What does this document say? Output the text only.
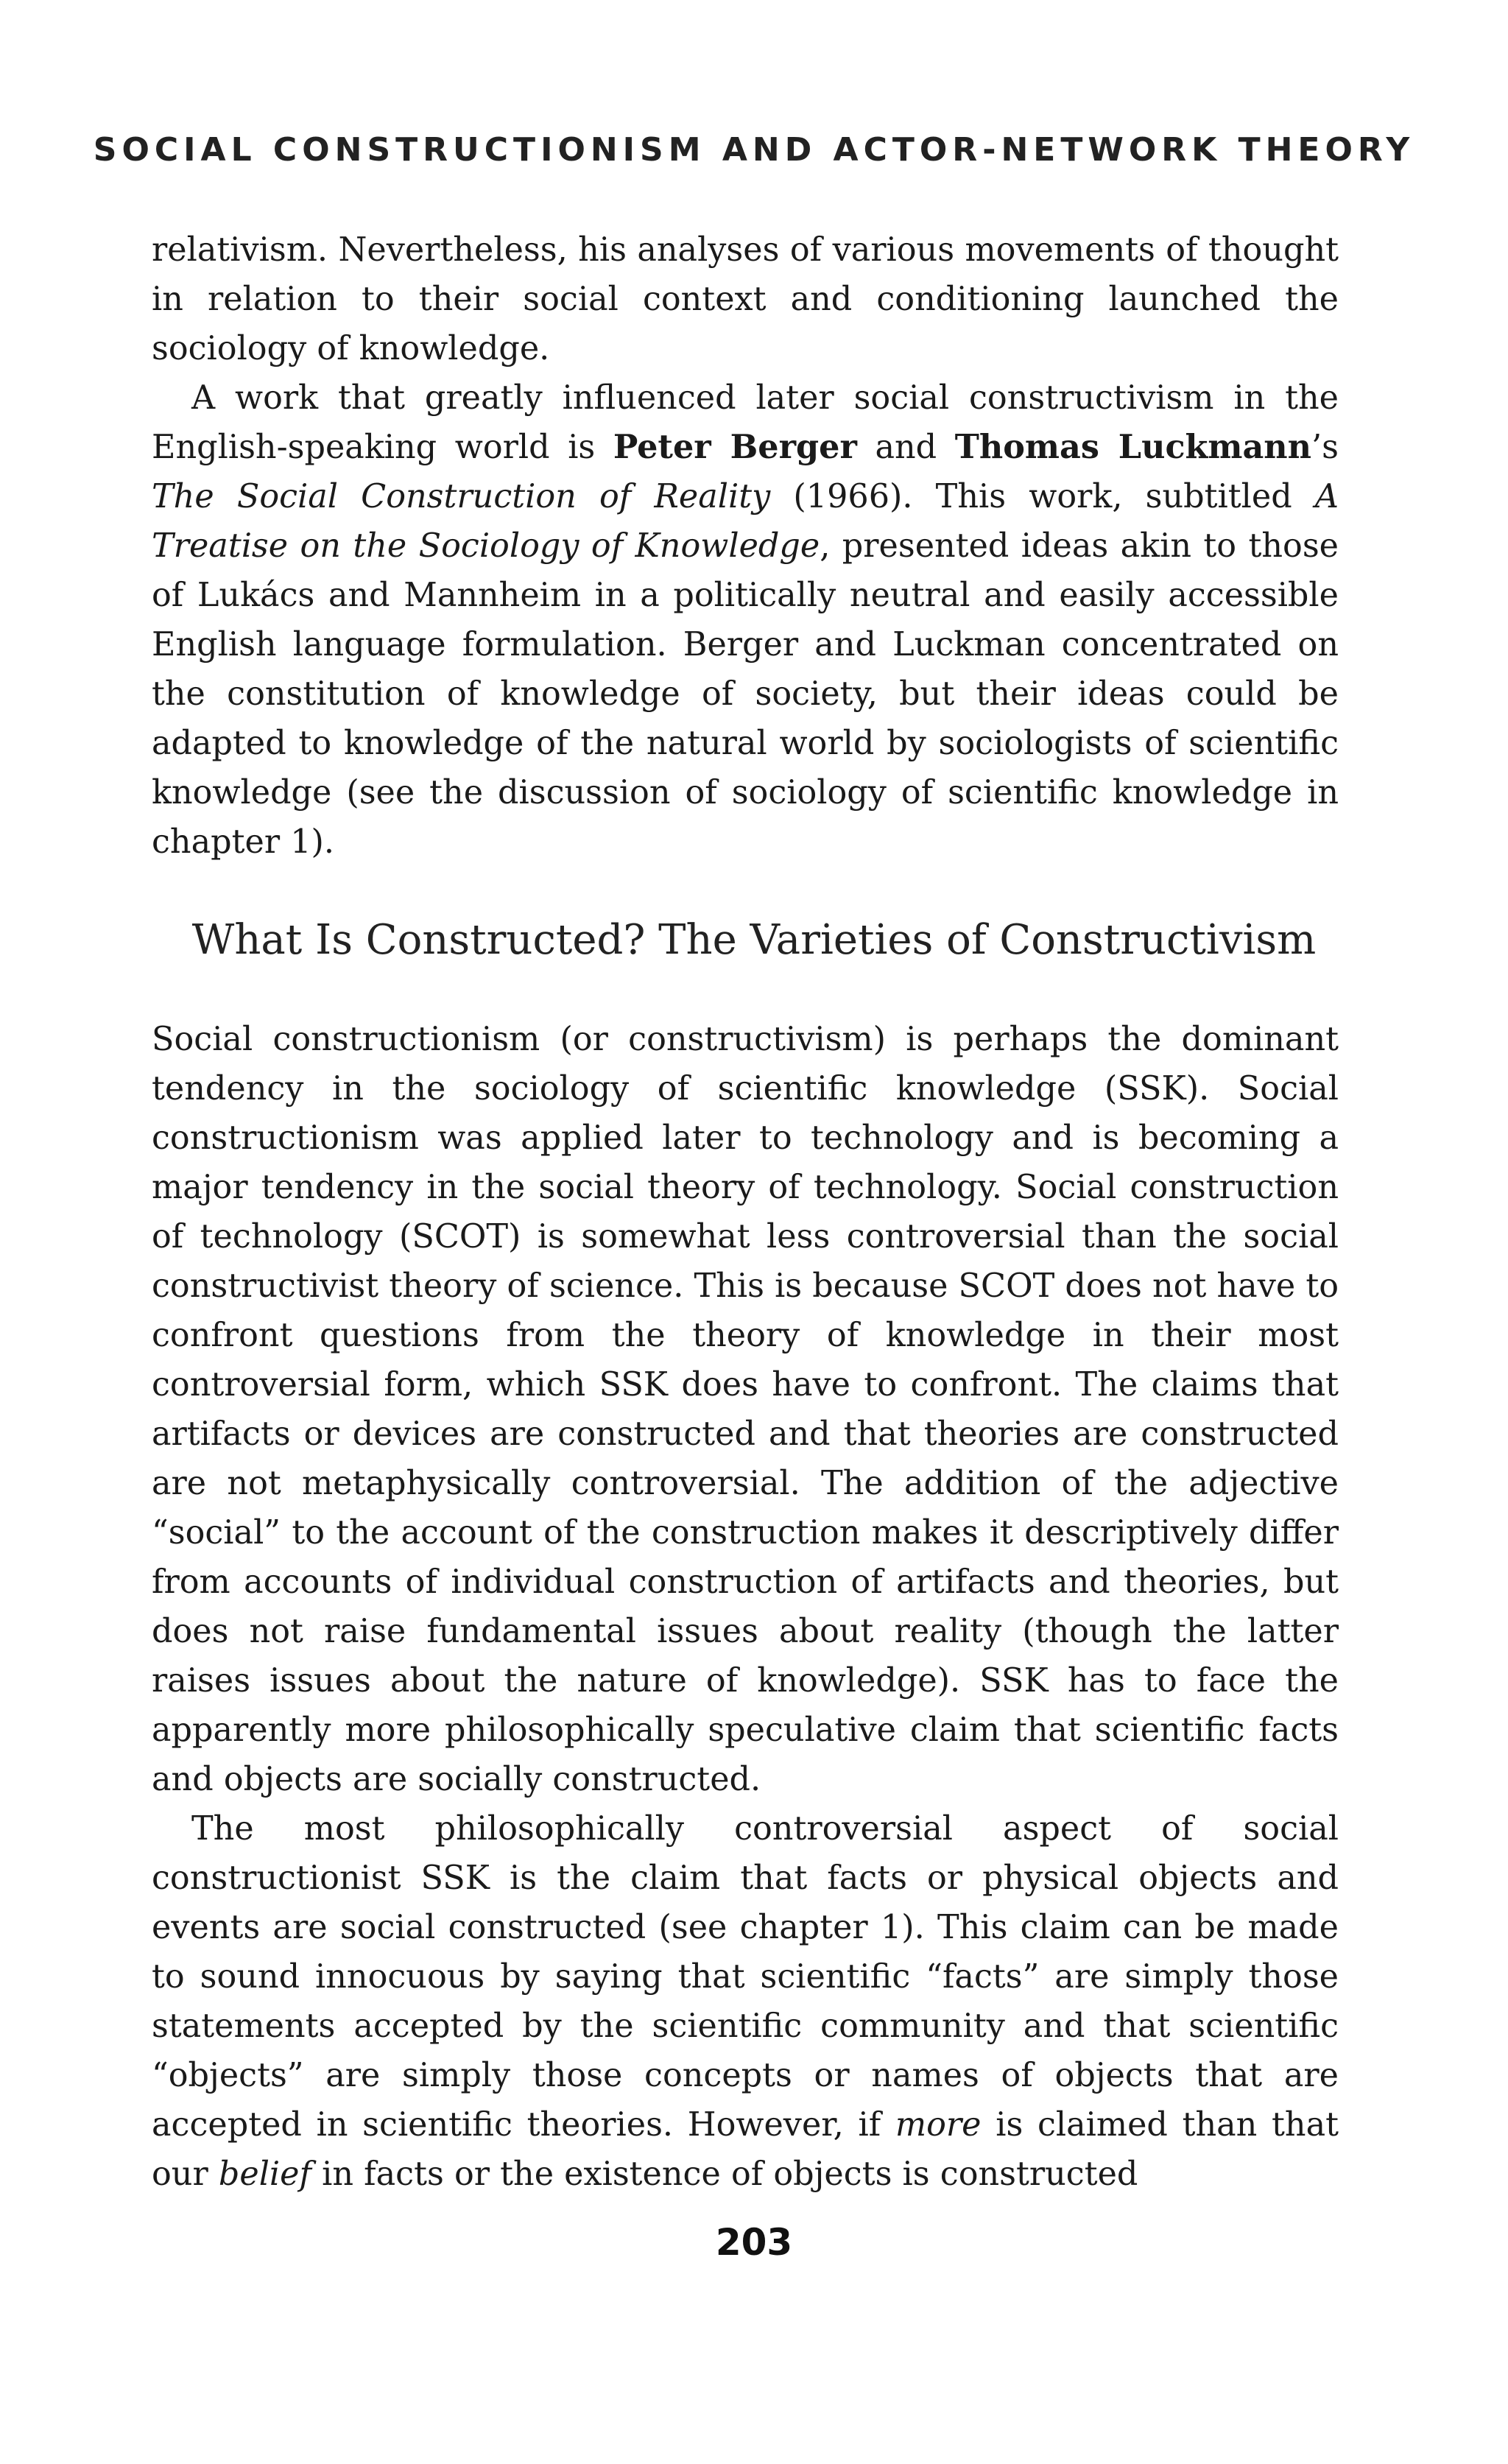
SOCIAL CONSTRUCTIONISM AND ACTOR-NETWORK THEORY

relativism. Nevertheless, his analyses of various movements of thought in relation to their social context and conditioning launched the sociology of knowledge.

A work that greatly influenced later social constructivism in the English-speaking world is Peter Berger and Thomas Luckmann’s The Social Construction of Reality (1966). This work, subtitled A Treatise on the Sociology of Knowledge, presented ideas akin to those of Lukács and Mannheim in a politically neutral and easily accessible English language formulation. Berger and Luckman concentrated on the constitution of knowledge of society, but their ideas could be adapted to knowledge of the natural world by sociologists of scientific knowledge (see the discussion of sociology of scientific knowledge in chapter 1).

What Is Constructed? The Varieties of Constructivism

Social constructionism (or constructivism) is perhaps the dominant tendency in the sociology of scientific knowledge (SSK). Social constructionism was applied later to technology and is becoming a major tendency in the social theory of technology. Social construction of technology (SCOT) is somewhat less controversial than the social constructivist theory of science. This is because SCOT does not have to confront questions from the theory of knowledge in their most controversial form, which SSK does have to confront. The claims that artifacts or devices are constructed and that theories are constructed are not metaphysically controversial. The addition of the adjective “social” to the account of the construction makes it descriptively differ from accounts of individual construction of artifacts and theories, but does not raise fundamental issues about reality (though the latter raises issues about the nature of knowledge). SSK has to face the apparently more philosophically speculative claim that scientific facts and objects are socially constructed.

The most philosophically controversial aspect of social constructionist SSK is the claim that facts or physical objects and events are social constructed (see chapter 1). This claim can be made to sound innocuous by saying that scientific “facts” are simply those statements accepted by the scientific community and that scientific “objects” are simply those concepts or names of objects that are accepted in scientific theories. However, if more is claimed than that our belief in facts or the existence of objects is constructed

203
